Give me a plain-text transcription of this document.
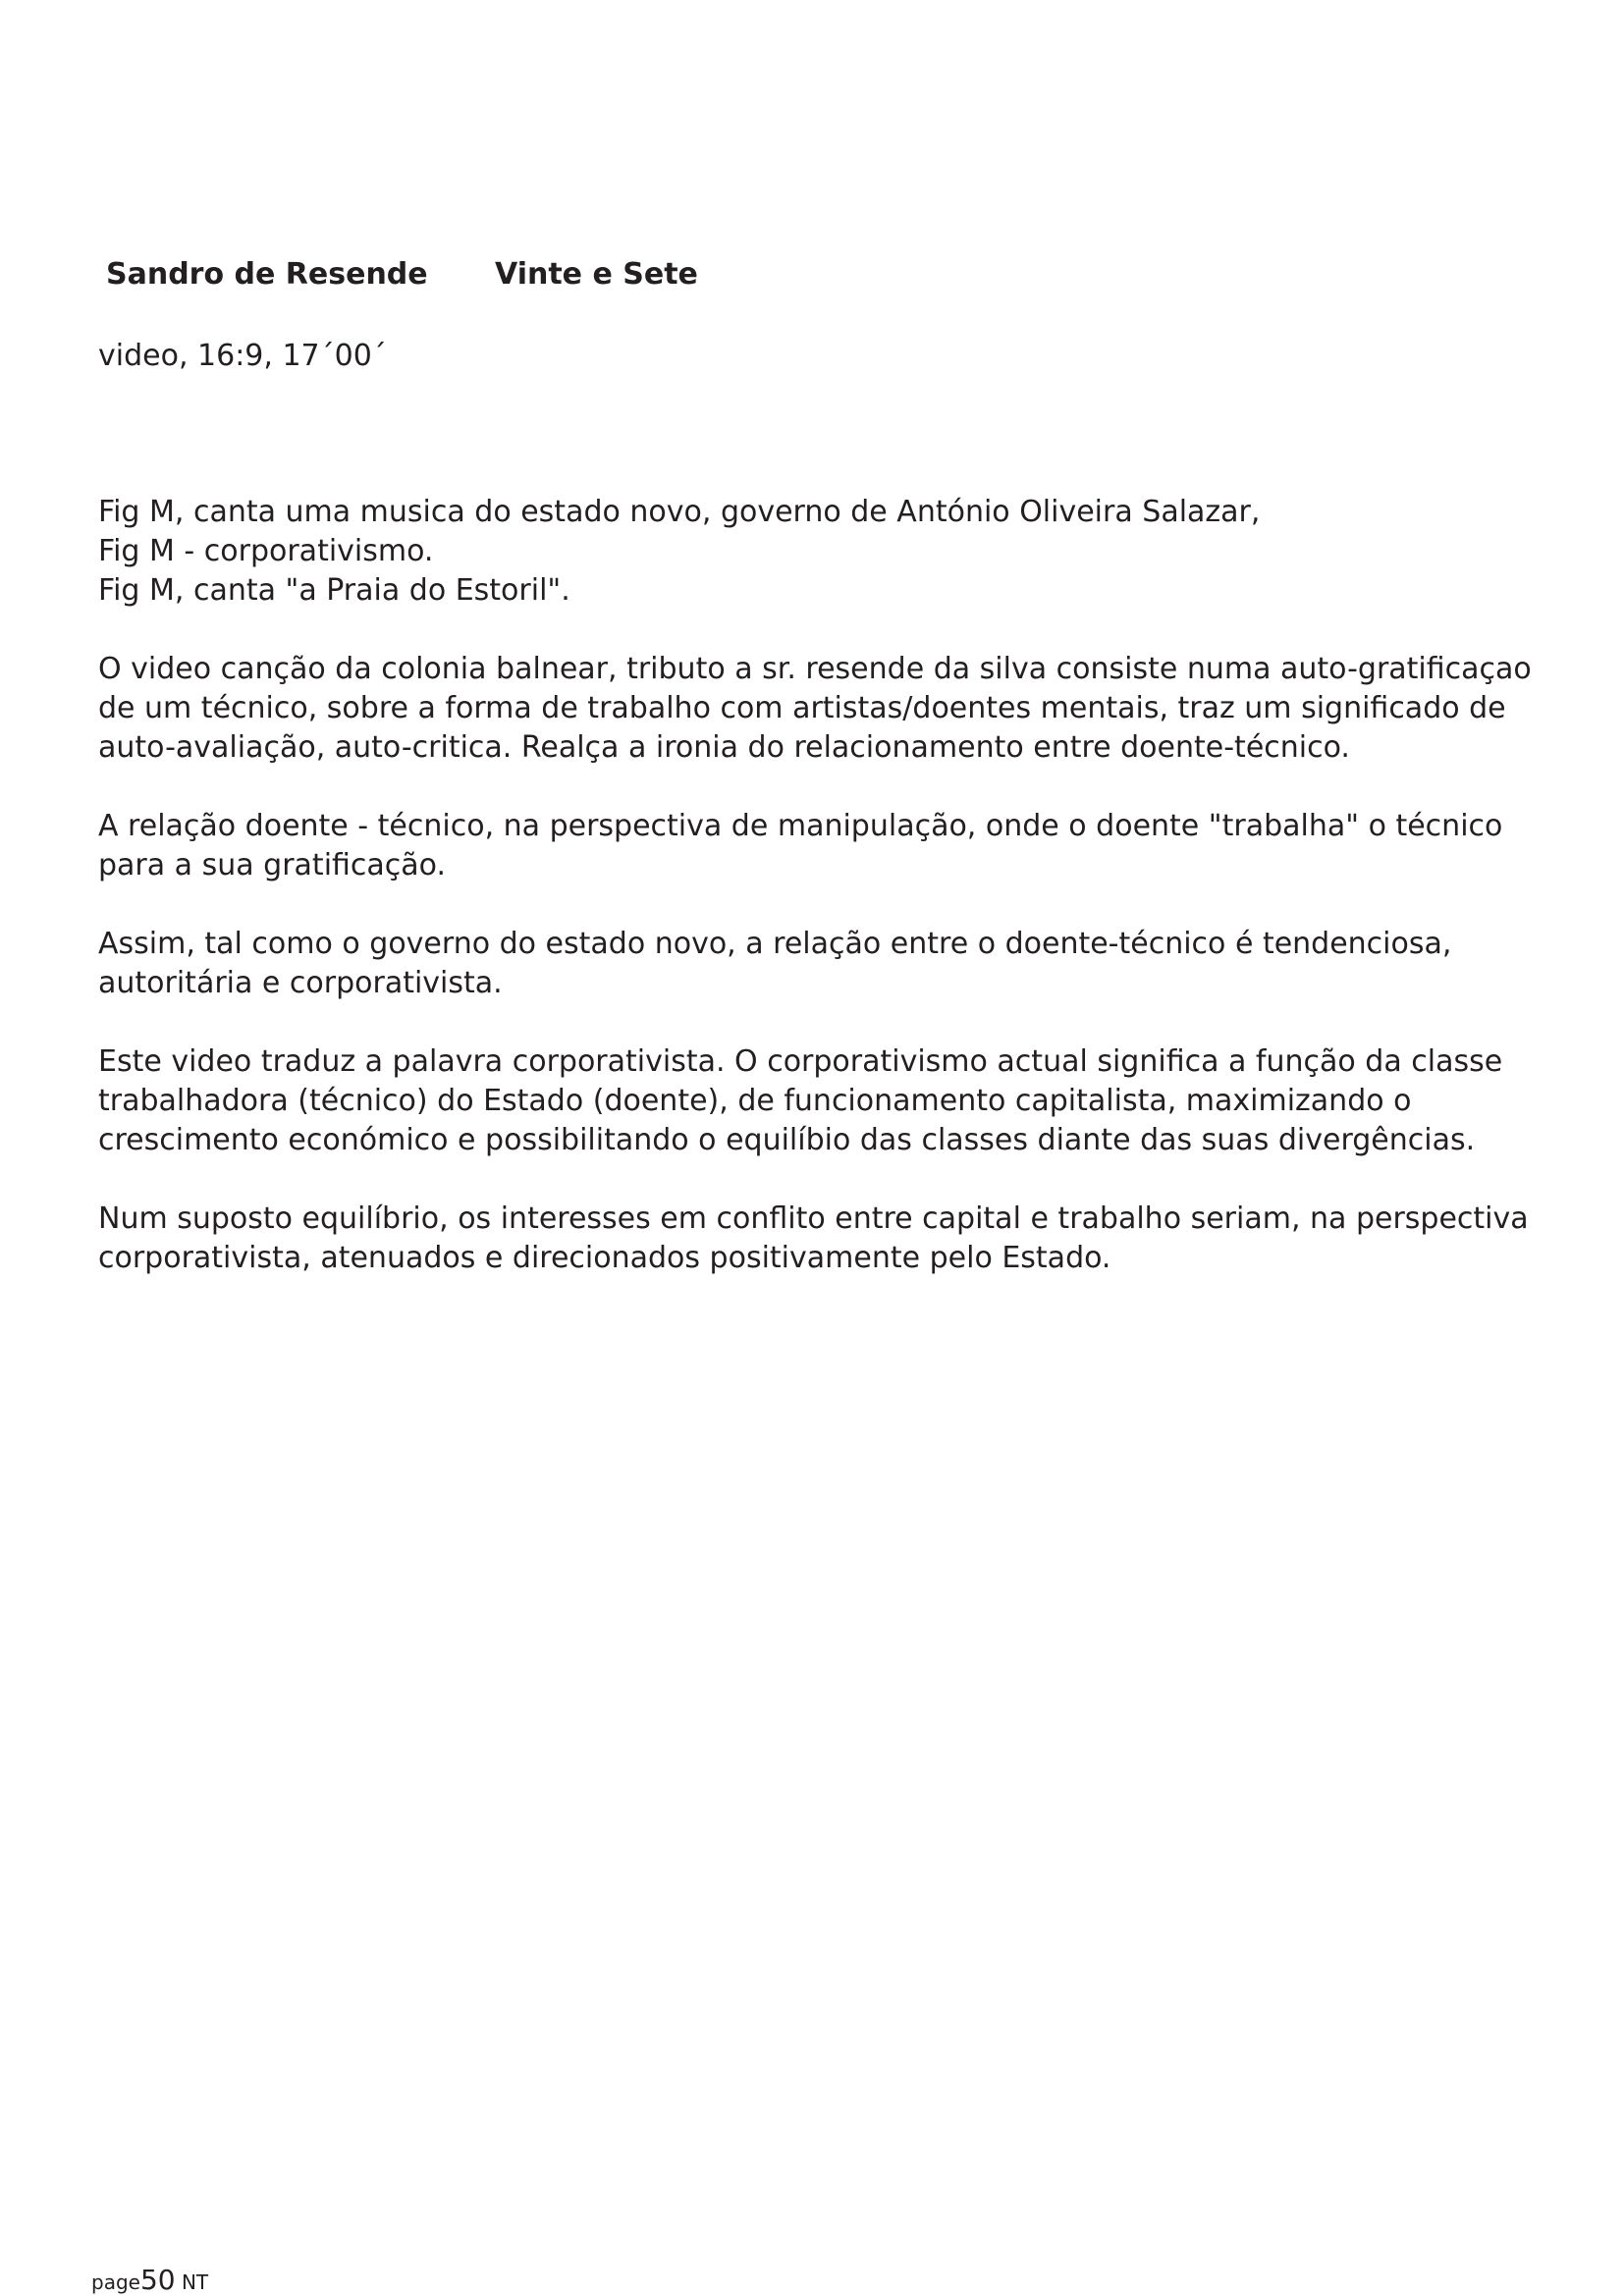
Sandro de Resende Vinte e Sete
video, 16:9, 17´00´
Fig M, canta uma musica do estado novo, governo de António Oliveira Salazar,
Fig M - corporativismo.
Fig M, canta "a Praia do Estoril".

O video canção da colonia balnear, tributo a sr. resende da silva consiste numa auto-gratificaçao de um técnico, sobre a forma de trabalho com artistas/doentes mentais, traz um significado de auto-avaliação, auto-critica. Realça a ironia do relacionamento entre doente-técnico.

A relação doente - técnico, na perspectiva de manipulação, onde o doente "trabalha" o técnico para a sua gratificação.

Assim, tal como o governo do estado novo, a relação entre o doente-técnico é tendenciosa, autoritária e corporativista.

Este video traduz a palavra corporativista. O corporativismo actual significa a função da classe trabalhadora (técnico) do Estado (doente), de funcionamento capitalista, maximizando o crescimento económico e possibilitando o equilíbio das classes diante das suas divergências.

Num suposto equilíbrio, os interesses em conflito entre capital e trabalho seriam, na perspectiva corporativista, atenuados e direcionados positivamente pelo Estado.

page50 NT
